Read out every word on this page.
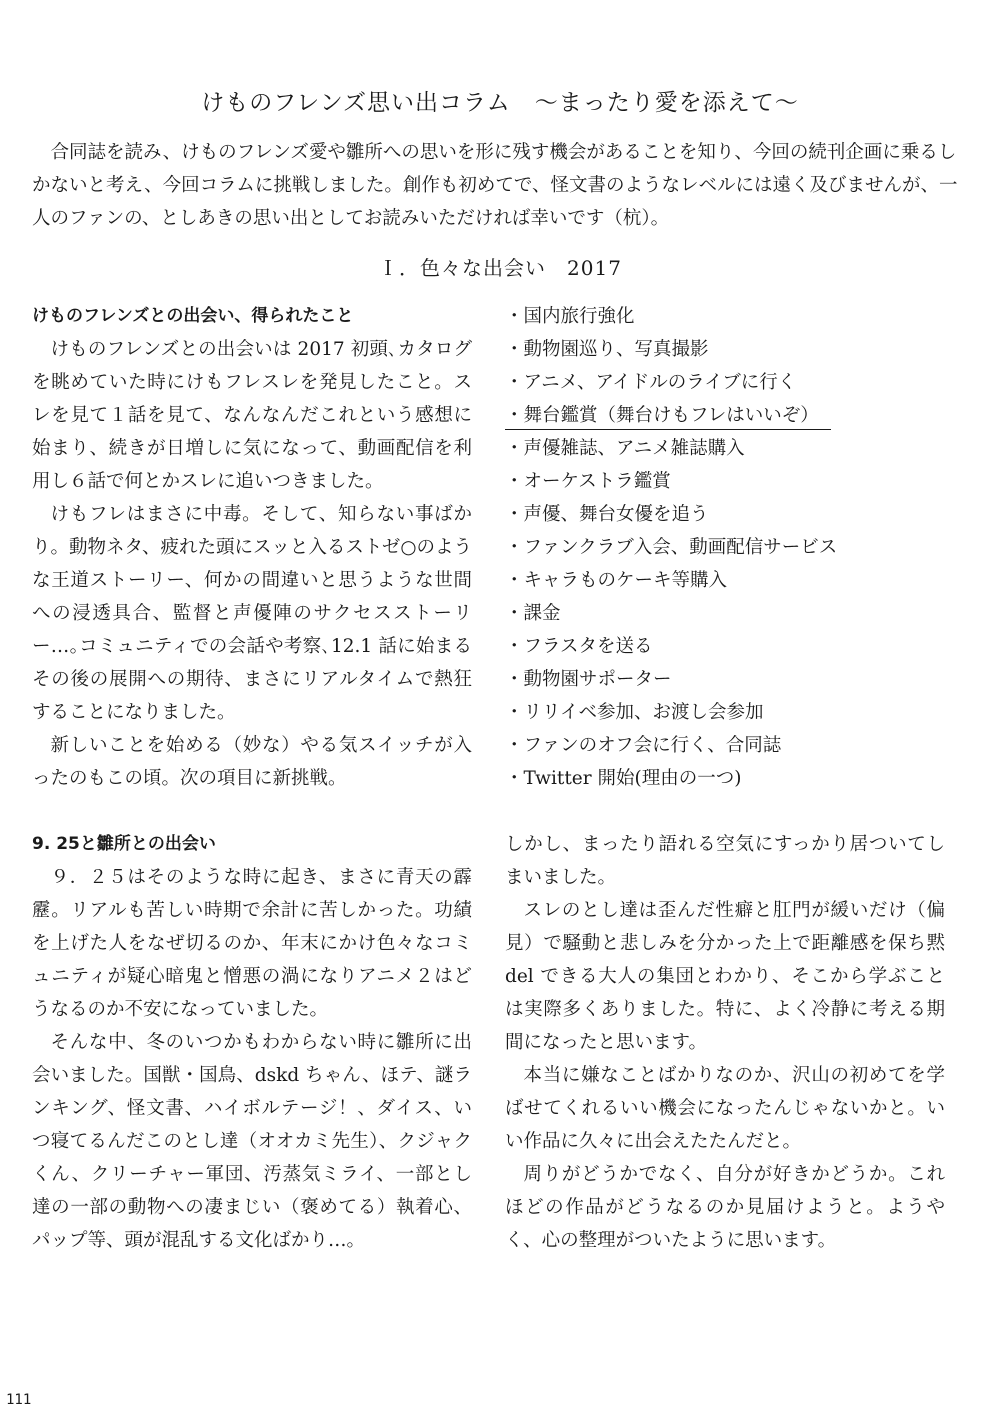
けものフレンズ思い出コラム　〜まったり愛を添えて〜

合同誌を読み、けものフレンズ愛や雛所への思いを形に残す機会があることを知り、今回の続刊企画に乗るしかないと考え、今回コラムに挑戦しました。創作も初めてで、怪文書のようなレベルには遠く及びませんが、一人のファンの、としあきの思い出としてお読みいただければ幸いです（杭）。

Ｉ．色々な出会い　2017

けものフレンズとの出会い、得られたこと

けものフレンズとの出会いは 2017 初頭､カタログを眺めていた時にけもフレスレを発見したこと。スレを見て１話を見て、なんなんだこれという感想に始まり、続きが日増しに気になって、動画配信を利用し６話で何とかスレに追いつきました。

けもフレはまさに中毒。そして、知らない事ばかり。動物ネタ、疲れた頭にスッと入るストゼ○のような王道ストーリー、何かの間違いと思うような世間への浸透具合、監督と声優陣のサクセスストーリー…｡コミュニティでの会話や考察､12.1 話に始まるその後の展開への期待、まさにリアルタイムで熱狂することになりました。

新しいことを始める（妙な）やる気スイッチが入ったのもこの頃。次の項目に新挑戦。

・国内旅行強化
・動物園巡り、写真撮影
・アニメ、アイドルのライブに行く
・舞台鑑賞（舞台けもフレはいいぞ）
・声優雑誌、アニメ雑誌購入
・オーケストラ鑑賞
・声優、舞台女優を追う
・ファンクラブ入会、動画配信サービス
・キャラものケーキ等購入
・課金
・フラスタを送る
・動物園サポーター
・リリイベ参加、お渡し会参加
・ファンのオフ会に行く、合同誌
・Twitter 開始(理由の一つ)

9. 25と雛所との出会い

９．２５はそのような時に起き、まさに青天の霹靂。リアルも苦しい時期で余計に苦しかった。功績を上げた人をなぜ切るのか、年末にかけ色々なコミュニティが疑心暗鬼と憎悪の渦になりアニメ２はどうなるのか不安になっていました。

そんな中、冬のいつかもわからない時に雛所に出会いました。国獣・国鳥、dskd ちゃん、ほテ、謎ランキング、怪文書、ハイボルテージ！、ダイス、いつ寝てるんだこのとし達（オオカミ先生）、クジャクくん、クリーチャー軍団、汚蒸気ミライ、一部とし達の一部の動物への凄まじい（褒めてる）執着心、パップ等、頭が混乱する文化ばかり…。

しかし、まったり語れる空気にすっかり居ついてしまいました。

スレのとし達は歪んだ性癖と肛門が緩いだけ（偏見）で騒動と悲しみを分かった上で距離感を保ち黙 del できる大人の集団とわかり、そこから学ぶことは実際多くありました。特に、よく冷静に考える期間になったと思います。

本当に嫌なことばかりなのか、沢山の初めてを学ばせてくれるいい機会になったんじゃないかと。いい作品に久々に出会えたたんだと。

周りがどうかでなく、自分が好きかどうか。これほどの作品がどうなるのか見届けようと。ようやく、心の整理がついたように思います。

111
